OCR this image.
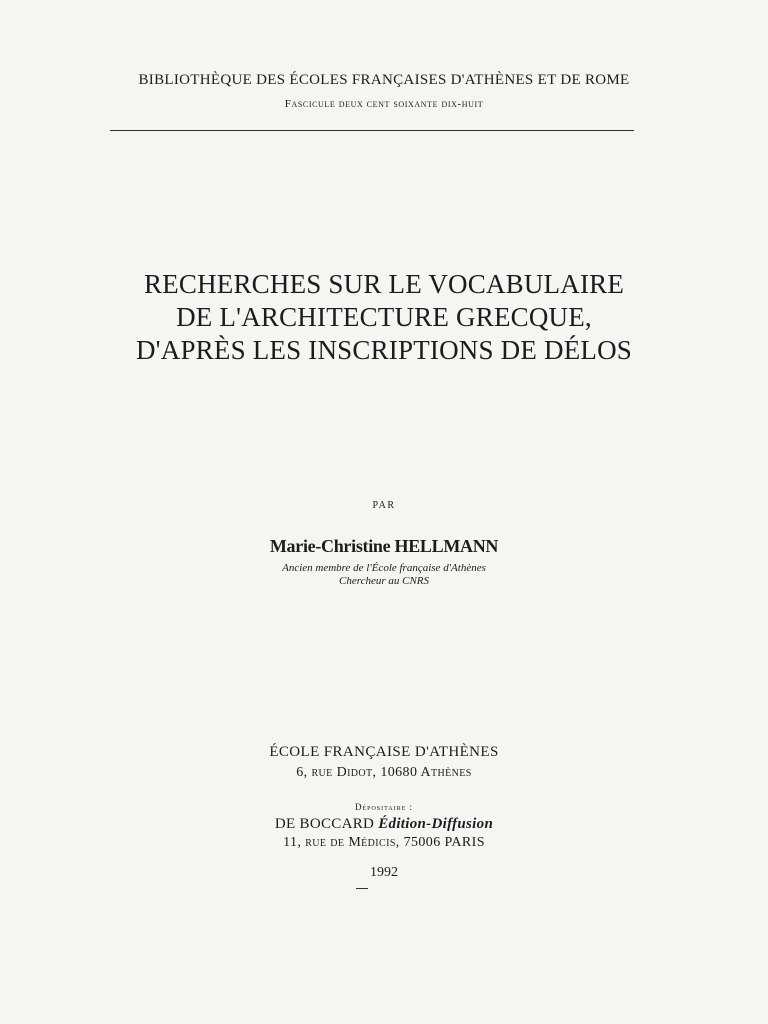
BIBLIOTHÈQUE DES ÉCOLES FRANÇAISES D'ATHÈNES ET DE ROME
Fascicule deux cent soixante dix-huit
RECHERCHES SUR LE VOCABULAIRE
DE L'ARCHITECTURE GRECQUE,
D'APRÈS LES INSCRIPTIONS DE DÉLOS
PAR
Marie-Christine HELLMANN
Ancien membre de l'École française d'Athènes
Chercheur au CNRS
ÉCOLE FRANÇAISE D'ATHÈNES
6, rue Didot, 10680 Athènes
Dépositaire :
DE BOCCARD Édition-Diffusion
11, rue de Médicis, 75006 PARIS
1992
